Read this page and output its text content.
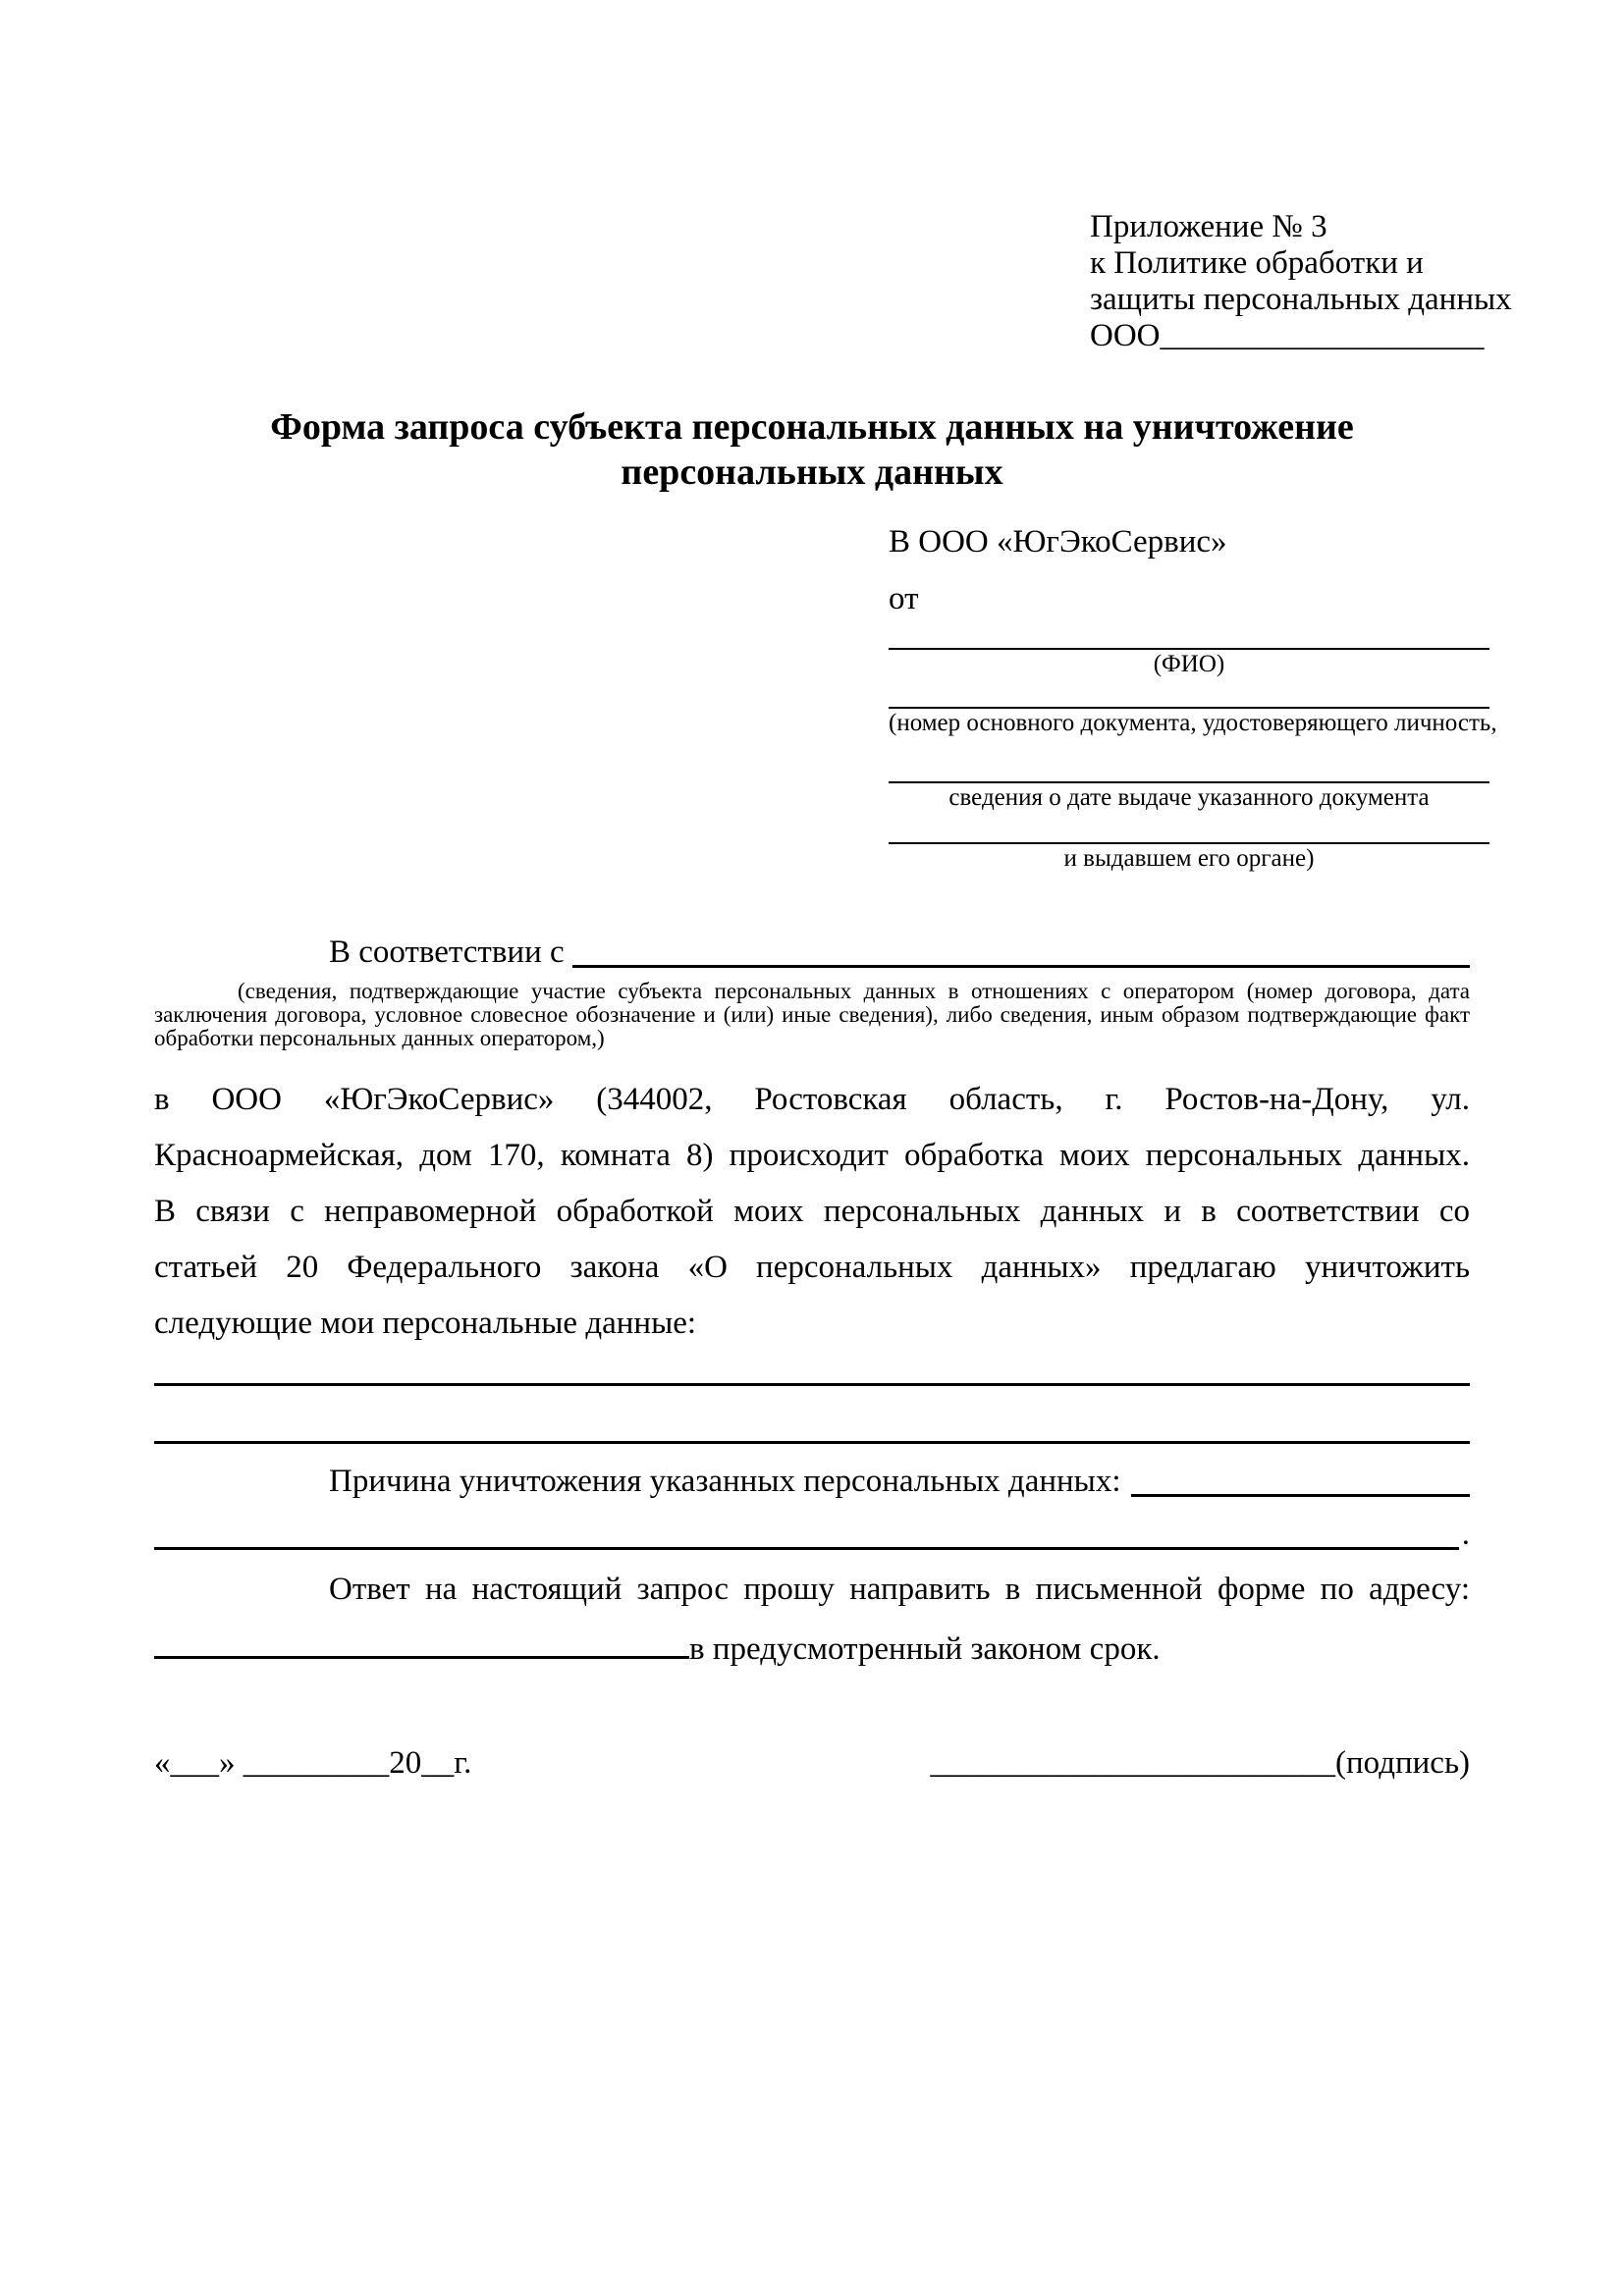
Приложение № 3
к Политике обработки и
защиты персональных данных
ООО____________________
Форма запроса субъекта персональных данных на уничтожение
персональных данных
В ООО «ЮгЭкоСервис»
от
(ФИО)
(номер основного документа, удостоверяющего личность,
сведения о дате выдаче указанного документа
и выдавшем его органе)
В соответствии с
(сведения, подтверждающие участие субъекта персональных данных в отношениях с оператором (номер договора, дата заключения договора, условное словесное обозначение и (или) иные сведения), либо сведения, иным образом подтверждающие факт обработки персональных данных оператором,)
в ООО «ЮгЭкоСервис» (344002, Ростовская область, г. Ростов-на-Дону, ул.
Красноармейская, дом 170, комната 8) происходит обработка моих персональных данных.
В связи с неправомерной обработкой моих персональных данных и в соответствии со
статьей 20 Федерального закона «О персональных данных» предлагаю уничтожить
следующие мои персональные данные:
Причина уничтожения указанных персональных данных:
.
Ответ на настоящий запрос прошу направить в письменной форме по адресу:
в предусмотренный законом срок.
«___» _________20__г.	_________________________(подпись)
